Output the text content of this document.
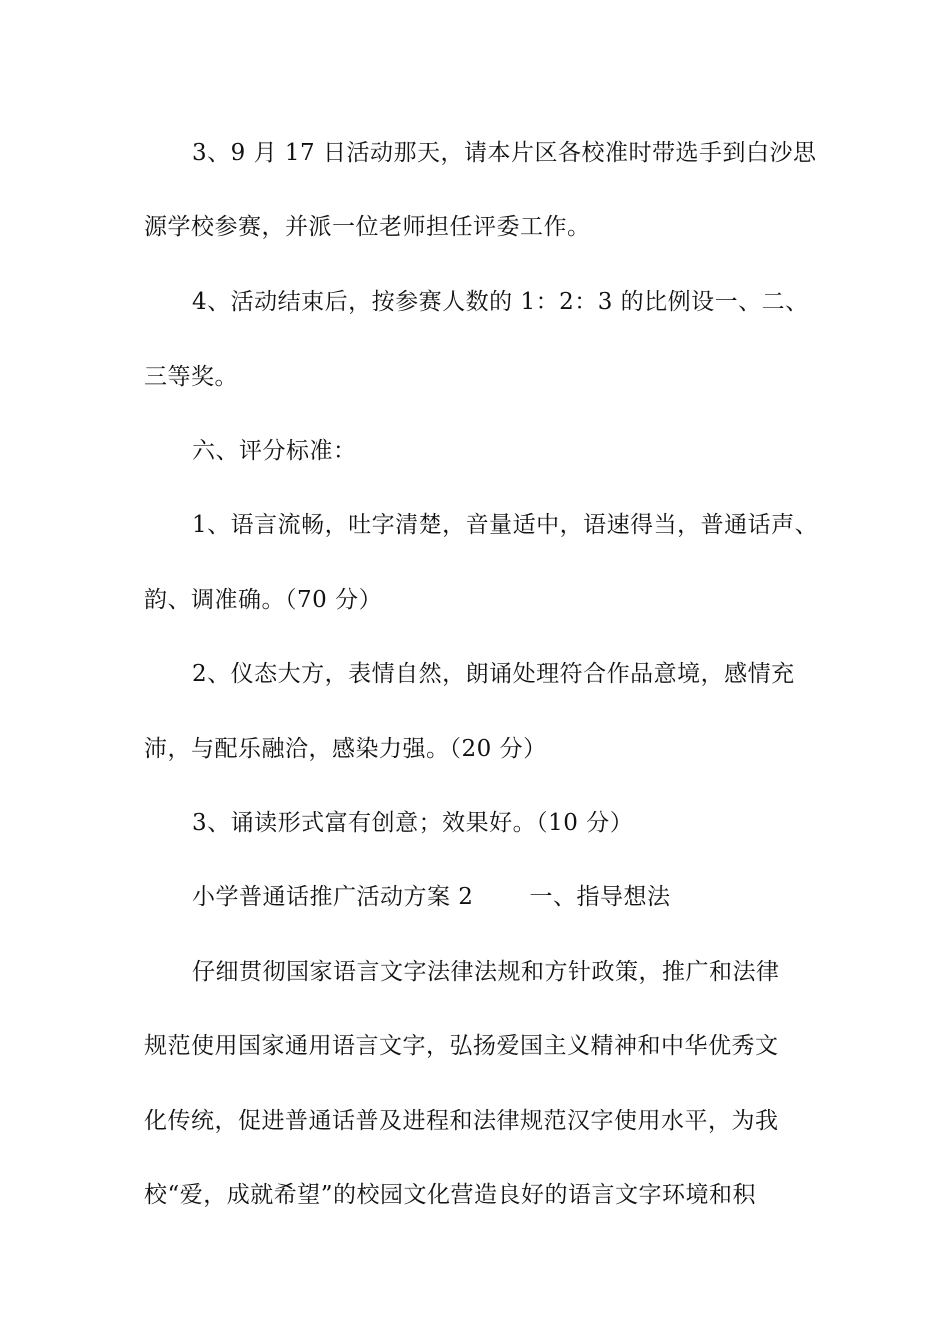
3、9 月 17 日活动那天，请本片区各校准时带选手到白沙思
源学校参赛，并派一位老师担任评委工作。
4、活动结束后，按参赛人数的 1：2：3 的比例设一、二、
三等奖。
六、评分标准：
1、语言流畅，吐字清楚，音量适中，语速得当，普通话声、
韵、调准确。（70 分）
2、仪态大方，表情自然，朗诵处理符合作品意境，感情充
沛，与配乐融洽，感染力强。（20 分）
3、诵读形式富有创意；效果好。（10 分）
小学普通话推广活动方案 2 一、指导想法
仔细贯彻国家语言文字法律法规和方针政策，推广和法律
规范使用国家通用语言文字，弘扬爱国主义精神和中华优秀文
化传统，促进普通话普及进程和法律规范汉字使用水平，为我
校“爱，成就希望”的校园文化营造良好的语言文字环境和积
